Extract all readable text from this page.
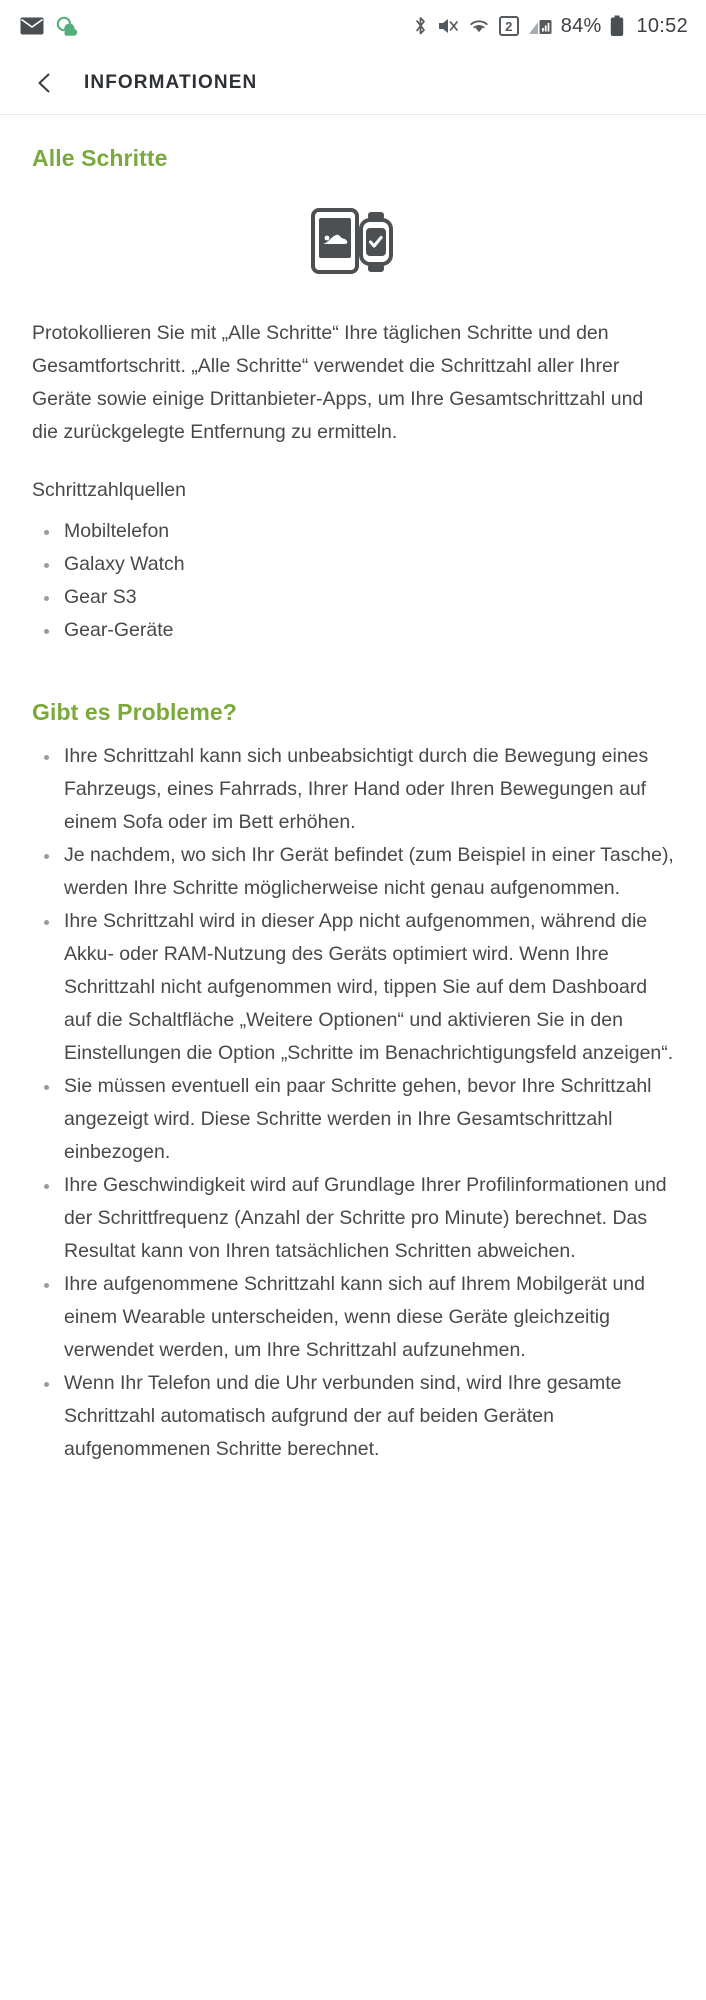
2	84% 10:52
INFORMATIONEN
Alle Schritte

Protokollieren Sie mit „Alle Schritte“ Ihre täglichen Schritte und den Gesamtfortschritt. „Alle Schritte“ verwendet die Schrittzahl aller Ihrer Geräte sowie einige Drittanbieter-Apps, um Ihre Gesamtschrittzahl und die zurückgelegte Entfernung zu ermitteln.

Schrittzahlquellen

Mobiltelefon
Galaxy Watch
Gear S3
Gear-Geräte
Gibt es Probleme?
Ihre Schrittzahl kann sich unbeabsichtigt durch die Bewegung eines Fahrzeugs, eines Fahrrads, Ihrer Hand oder Ihren Bewegungen auf einem Sofa oder im Bett erhöhen.
Je nachdem, wo sich Ihr Gerät befindet (zum Beispiel in einer Tasche), werden Ihre Schritte möglicherweise nicht genau aufgenommen.
Ihre Schrittzahl wird in dieser App nicht aufgenommen, während die Akku- oder RAM-Nutzung des Geräts optimiert wird. Wenn Ihre Schrittzahl nicht aufgenommen wird, tippen Sie auf dem Dashboard auf die Schaltfläche „Weitere Optionen“ und aktivieren Sie in den Einstellungen die Option „Schritte im Benachrichtigungsfeld anzeigen“.
Sie müssen eventuell ein paar Schritte gehen, bevor Ihre Schrittzahl angezeigt wird. Diese Schritte werden in Ihre Gesamtschrittzahl einbezogen.
Ihre Geschwindigkeit wird auf Grundlage Ihrer Profilinformationen und der Schrittfrequenz (Anzahl der Schritte pro Minute) berechnet. Das Resultat kann von Ihren tatsächlichen Schritten abweichen.
Ihre aufgenommene Schrittzahl kann sich auf Ihrem Mobilgerät und einem Wearable unterscheiden, wenn diese Geräte gleichzeitig verwendet werden, um Ihre Schrittzahl aufzunehmen.
Wenn Ihr Telefon und die Uhr verbunden sind, wird Ihre gesamte Schrittzahl automatisch aufgrund der auf beiden Geräten aufgenommenen Schritte berechnet.
